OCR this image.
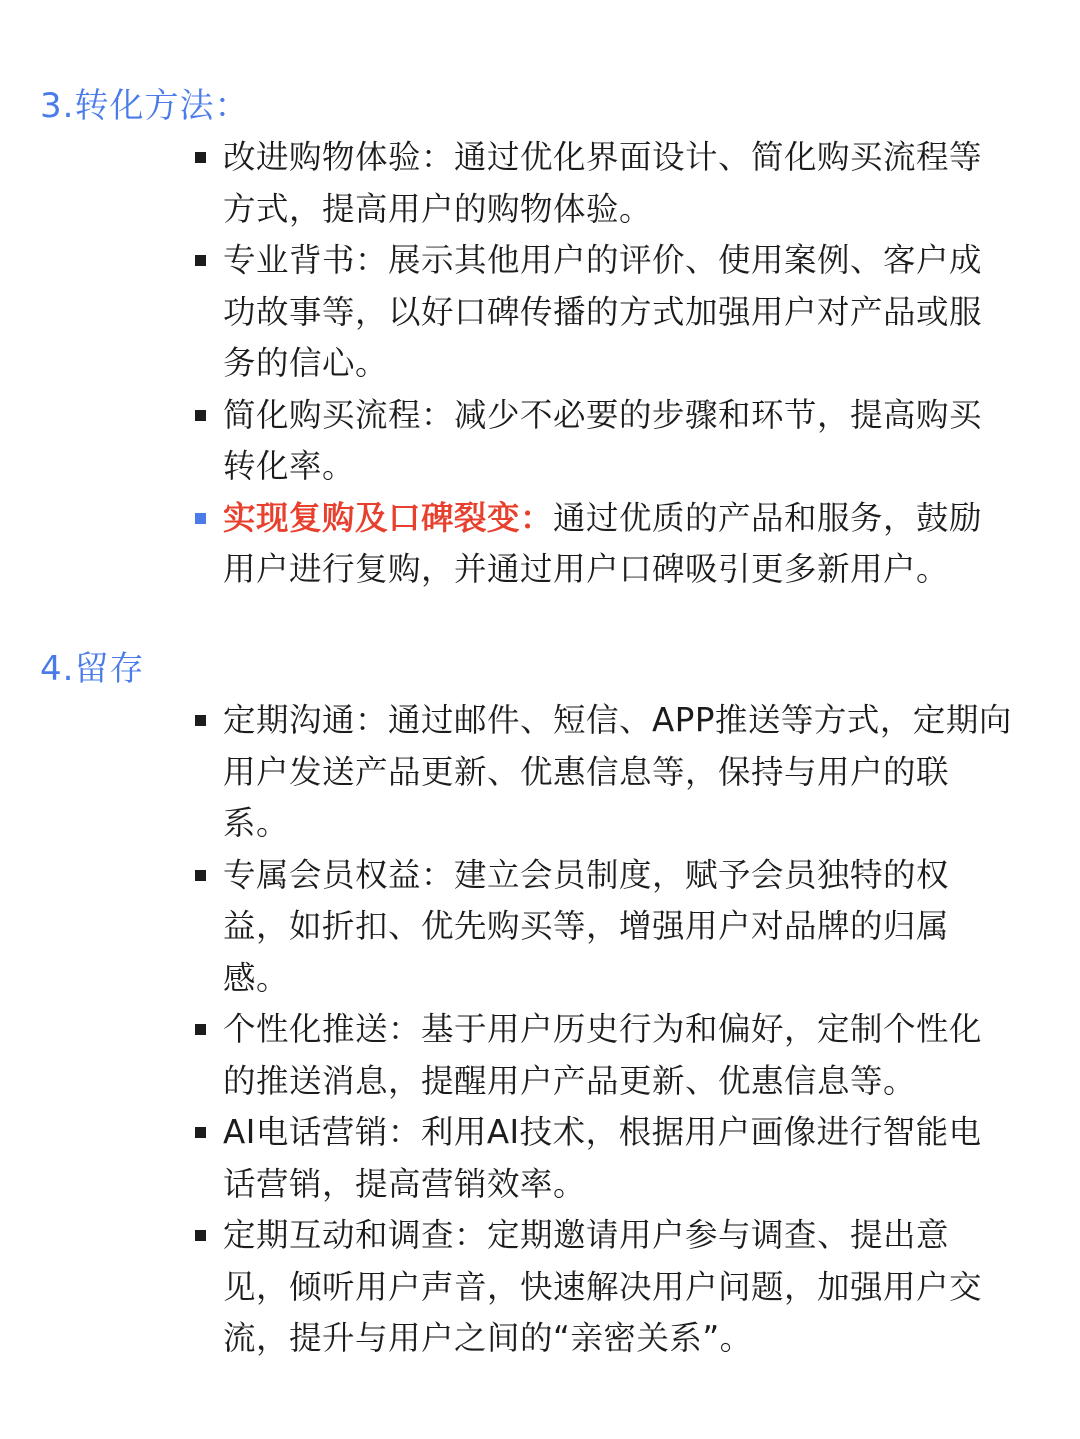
3.转化方法：
改进购物体验：通过优化界面设计、简化购买流程等方式，提高用户的购物体验。
专业背书：展示其他用户的评价、使用案例、客户成功故事等，以好口碑传播的方式加强用户对产品或服务的信心。
简化购买流程：减少不必要的步骤和环节，提高购买转化率。
实现复购及口碑裂变：通过优质的产品和服务，鼓励用户进行复购，并通过用户口碑吸引更多新用户。
4.留存
定期沟通：通过邮件、短信、APP推送等方式，定期向用户发送产品更新、优惠信息等，保持与用户的联系。
专属会员权益：建立会员制度，赋予会员独特的权益，如折扣、优先购买等，增强用户对品牌的归属感。
个性化推送：基于用户历史行为和偏好，定制个性化的推送消息，提醒用户产品更新、优惠信息等。
AI电话营销：利用AI技术，根据用户画像进行智能电话营销，提高营销效率。
定期互动和调查：定期邀请用户参与调查、提出意见，倾听用户声音，快速解决用户问题，加强用户交流，提升与用户之间的“亲密关系”。
